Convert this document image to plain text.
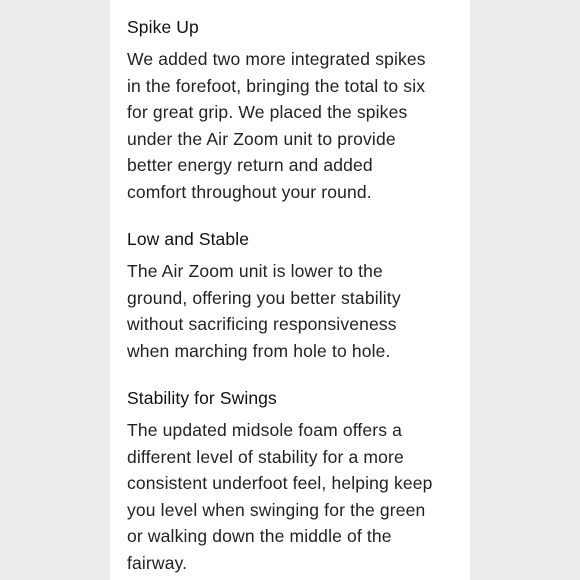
Spike Up
We added two more integrated spikes
in the forefoot, bringing the total to six
for great grip. We placed the spikes
under the Air Zoom unit to provide
better energy return and added
comfort throughout your round.
Low and Stable
The Air Zoom unit is lower to the
ground, offering you better stability
without sacrificing responsiveness
when marching from hole to hole.
Stability for Swings
The updated midsole foam offers a
different level of stability for a more
consistent underfoot feel, helping keep
you level when swinging for the green
or walking down the middle of the
fairway.
